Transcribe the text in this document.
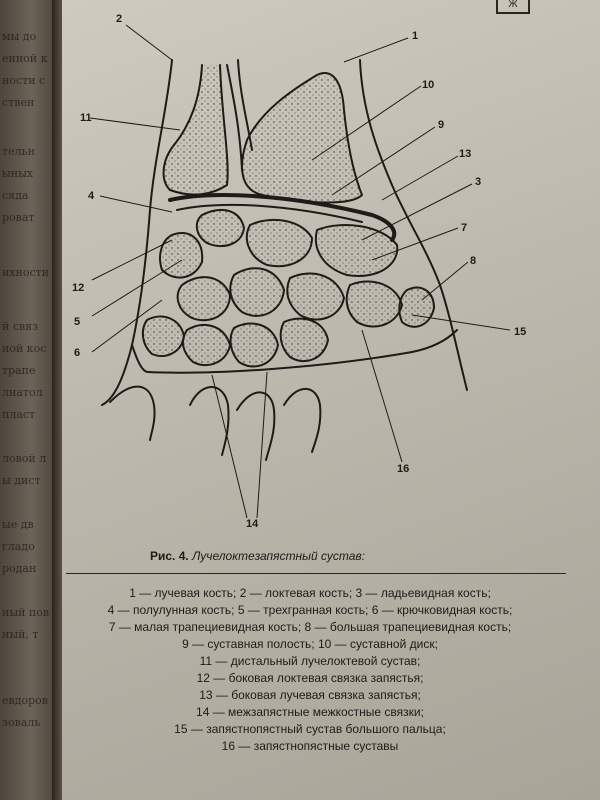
мы до
енной к
ности с
ствен
тельн
ыных
сяда
роват
ихности
й связ
ной кос
трапе
лнатол
пласт
ловой л
ы дист
ые дв
гладо
родан
ный пов
ный, т
евдоров
зоваль
Ж
2
1
10
11
9
13
3
4
7
8
12
5
15
6
16
14
Рис. 4. Лучелоктезапястный сустав:
1 — лучевая кость; 2 — локтевая кость; 3 — ладьевидная кость;
4 — полулунная кость; 5 — трехгранная кость; 6 — крючковидная кость;
7 — малая трапециевидная кость; 8 — большая трапециевидная кость;
9 — суставная полость; 10 — суставной диск;
11 — дистальный лучелоктевой сустав;
12 — боковая локтевая связка запястья;
13 — боковая лучевая связка запястья;
14 — межзапястные межкостные связки;
15 — запястнопястный сустав большого пальца;
16 — запястнопястные суставы
